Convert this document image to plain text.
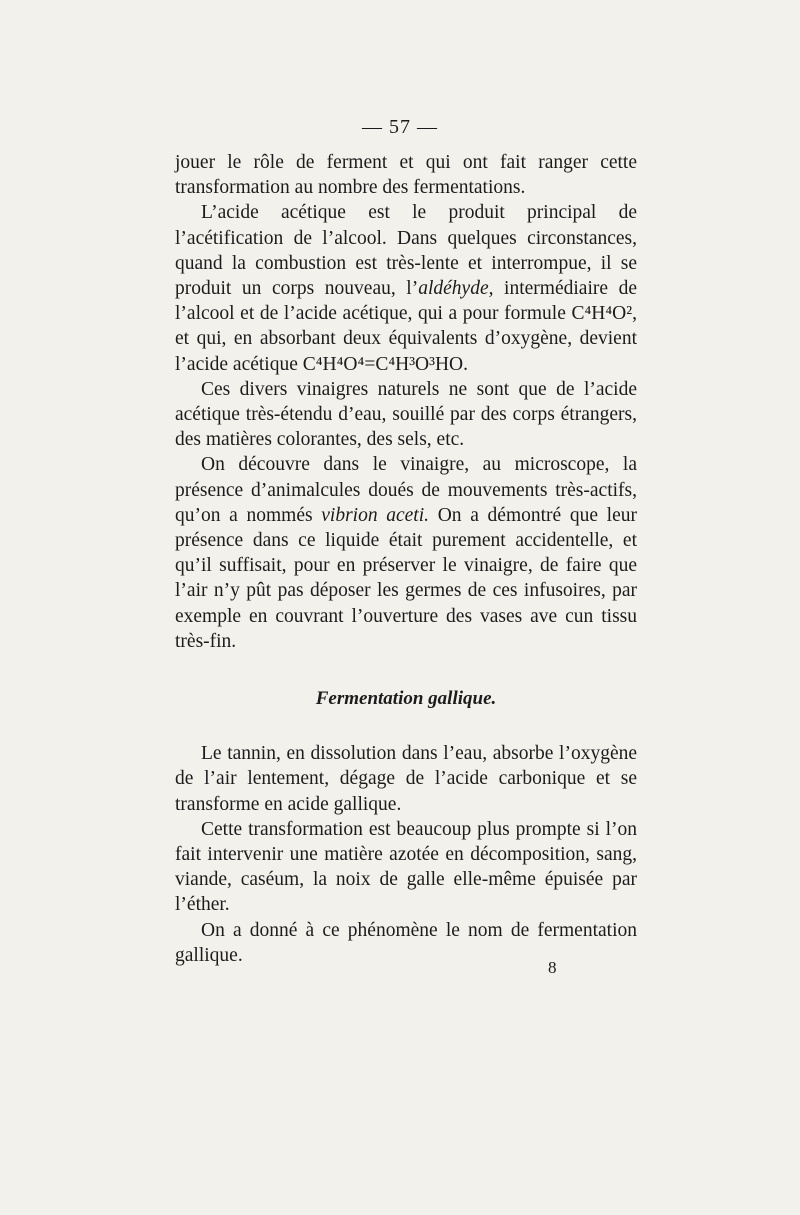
— 57 —

jouer le rôle de ferment et qui ont fait ranger cette transformation au nombre des fermentations.

L’acide acétique est le produit principal de l’acétification de l’alcool. Dans quelques circonstances, quand la combustion est très-lente et interrompue, il se produit un corps nouveau, l’aldéhyde, intermédiaire de l’alcool et de l’acide acétique, qui a pour formule C⁴H⁴O², et qui, en absorbant deux équivalents d’oxygène, devient l’acide acétique C⁴H⁴O⁴=C⁴H³O³HO.

Ces divers vinaigres naturels ne sont que de l’acide acétique très-étendu d’eau, souillé par des corps étrangers, des matières colorantes, des sels, etc.

On découvre dans le vinaigre, au microscope, la présence d’animalcules doués de mouvements très-actifs, qu’on a nommés vibrion aceti. On a démontré que leur présence dans ce liquide était purement accidentelle, et qu’il suffisait, pour en préserver le vinaigre, de faire que l’air n’y pût pas déposer les germes de ces infusoires, par exemple en couvrant l’ouverture des vases ave cun tissu très-fin.

Fermentation gallique.

Le tannin, en dissolution dans l’eau, absorbe l’oxygène de l’air lentement, dégage de l’acide carbonique et se transforme en acide gallique.

Cette transformation est beaucoup plus prompte si l’on fait intervenir une matière azotée en décomposition, sang, viande, caséum, la noix de galle elle-même épuisée par l’éther.

On a donné à ce phénomène le nom de fermentation gallique.

8
